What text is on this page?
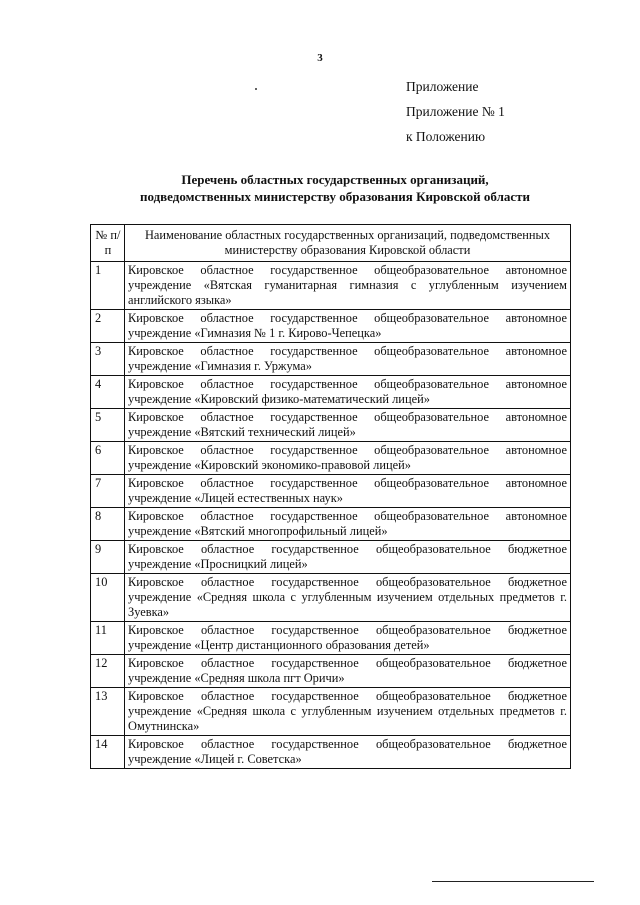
3
Приложение
Приложение № 1
к Положению
Перечень областных государственных организаций,
подведомственных министерству образования Кировской области
№ п/п	Наименование областных государственных организаций, подведомственных министерству образования Кировской области
1	Кировское областное государственное общеобразовательное автономное учреждение «Вятская гуманитарная гимназия с углубленным изучением английского языка»
2	Кировское областное государственное общеобразовательное автономное учреждение «Гимназия № 1 г. Кирово-Чепецка»
3	Кировское областное государственное общеобразовательное автономное учреждение «Гимназия г. Уржума»
4	Кировское областное государственное общеобразовательное автономное учреждение «Кировский физико-математический лицей»
5	Кировское областное государственное общеобразовательное автономное учреждение «Вятский технический лицей»
6	Кировское областное государственное общеобразовательное автономное учреждение «Кировский экономико-правовой лицей»
7	Кировское областное государственное общеобразовательное автономное учреждение «Лицей естественных наук»
8	Кировское областное государственное общеобразовательное автономное учреждение «Вятский многопрофильный лицей»
9	Кировское областное государственное общеобразовательное бюджетное учреждение «Просницкий лицей»
10	Кировское областное государственное общеобразовательное бюджетное учреждение «Средняя школа с углубленным изучением отдельных предметов г. Зуевка»
11	Кировское областное государственное общеобразовательное бюджетное учреждение «Центр дистанционного образования детей»
12	Кировское областное государственное общеобразовательное бюджетное учреждение «Средняя школа пгт Оричи»
13	Кировское областное государственное общеобразовательное бюджетное учреждение «Средняя школа с углубленным изучением отдельных предметов г. Омутнинска»
14	Кировское областное государственное общеобразовательное бюджетное учреждение «Лицей г. Советска»
